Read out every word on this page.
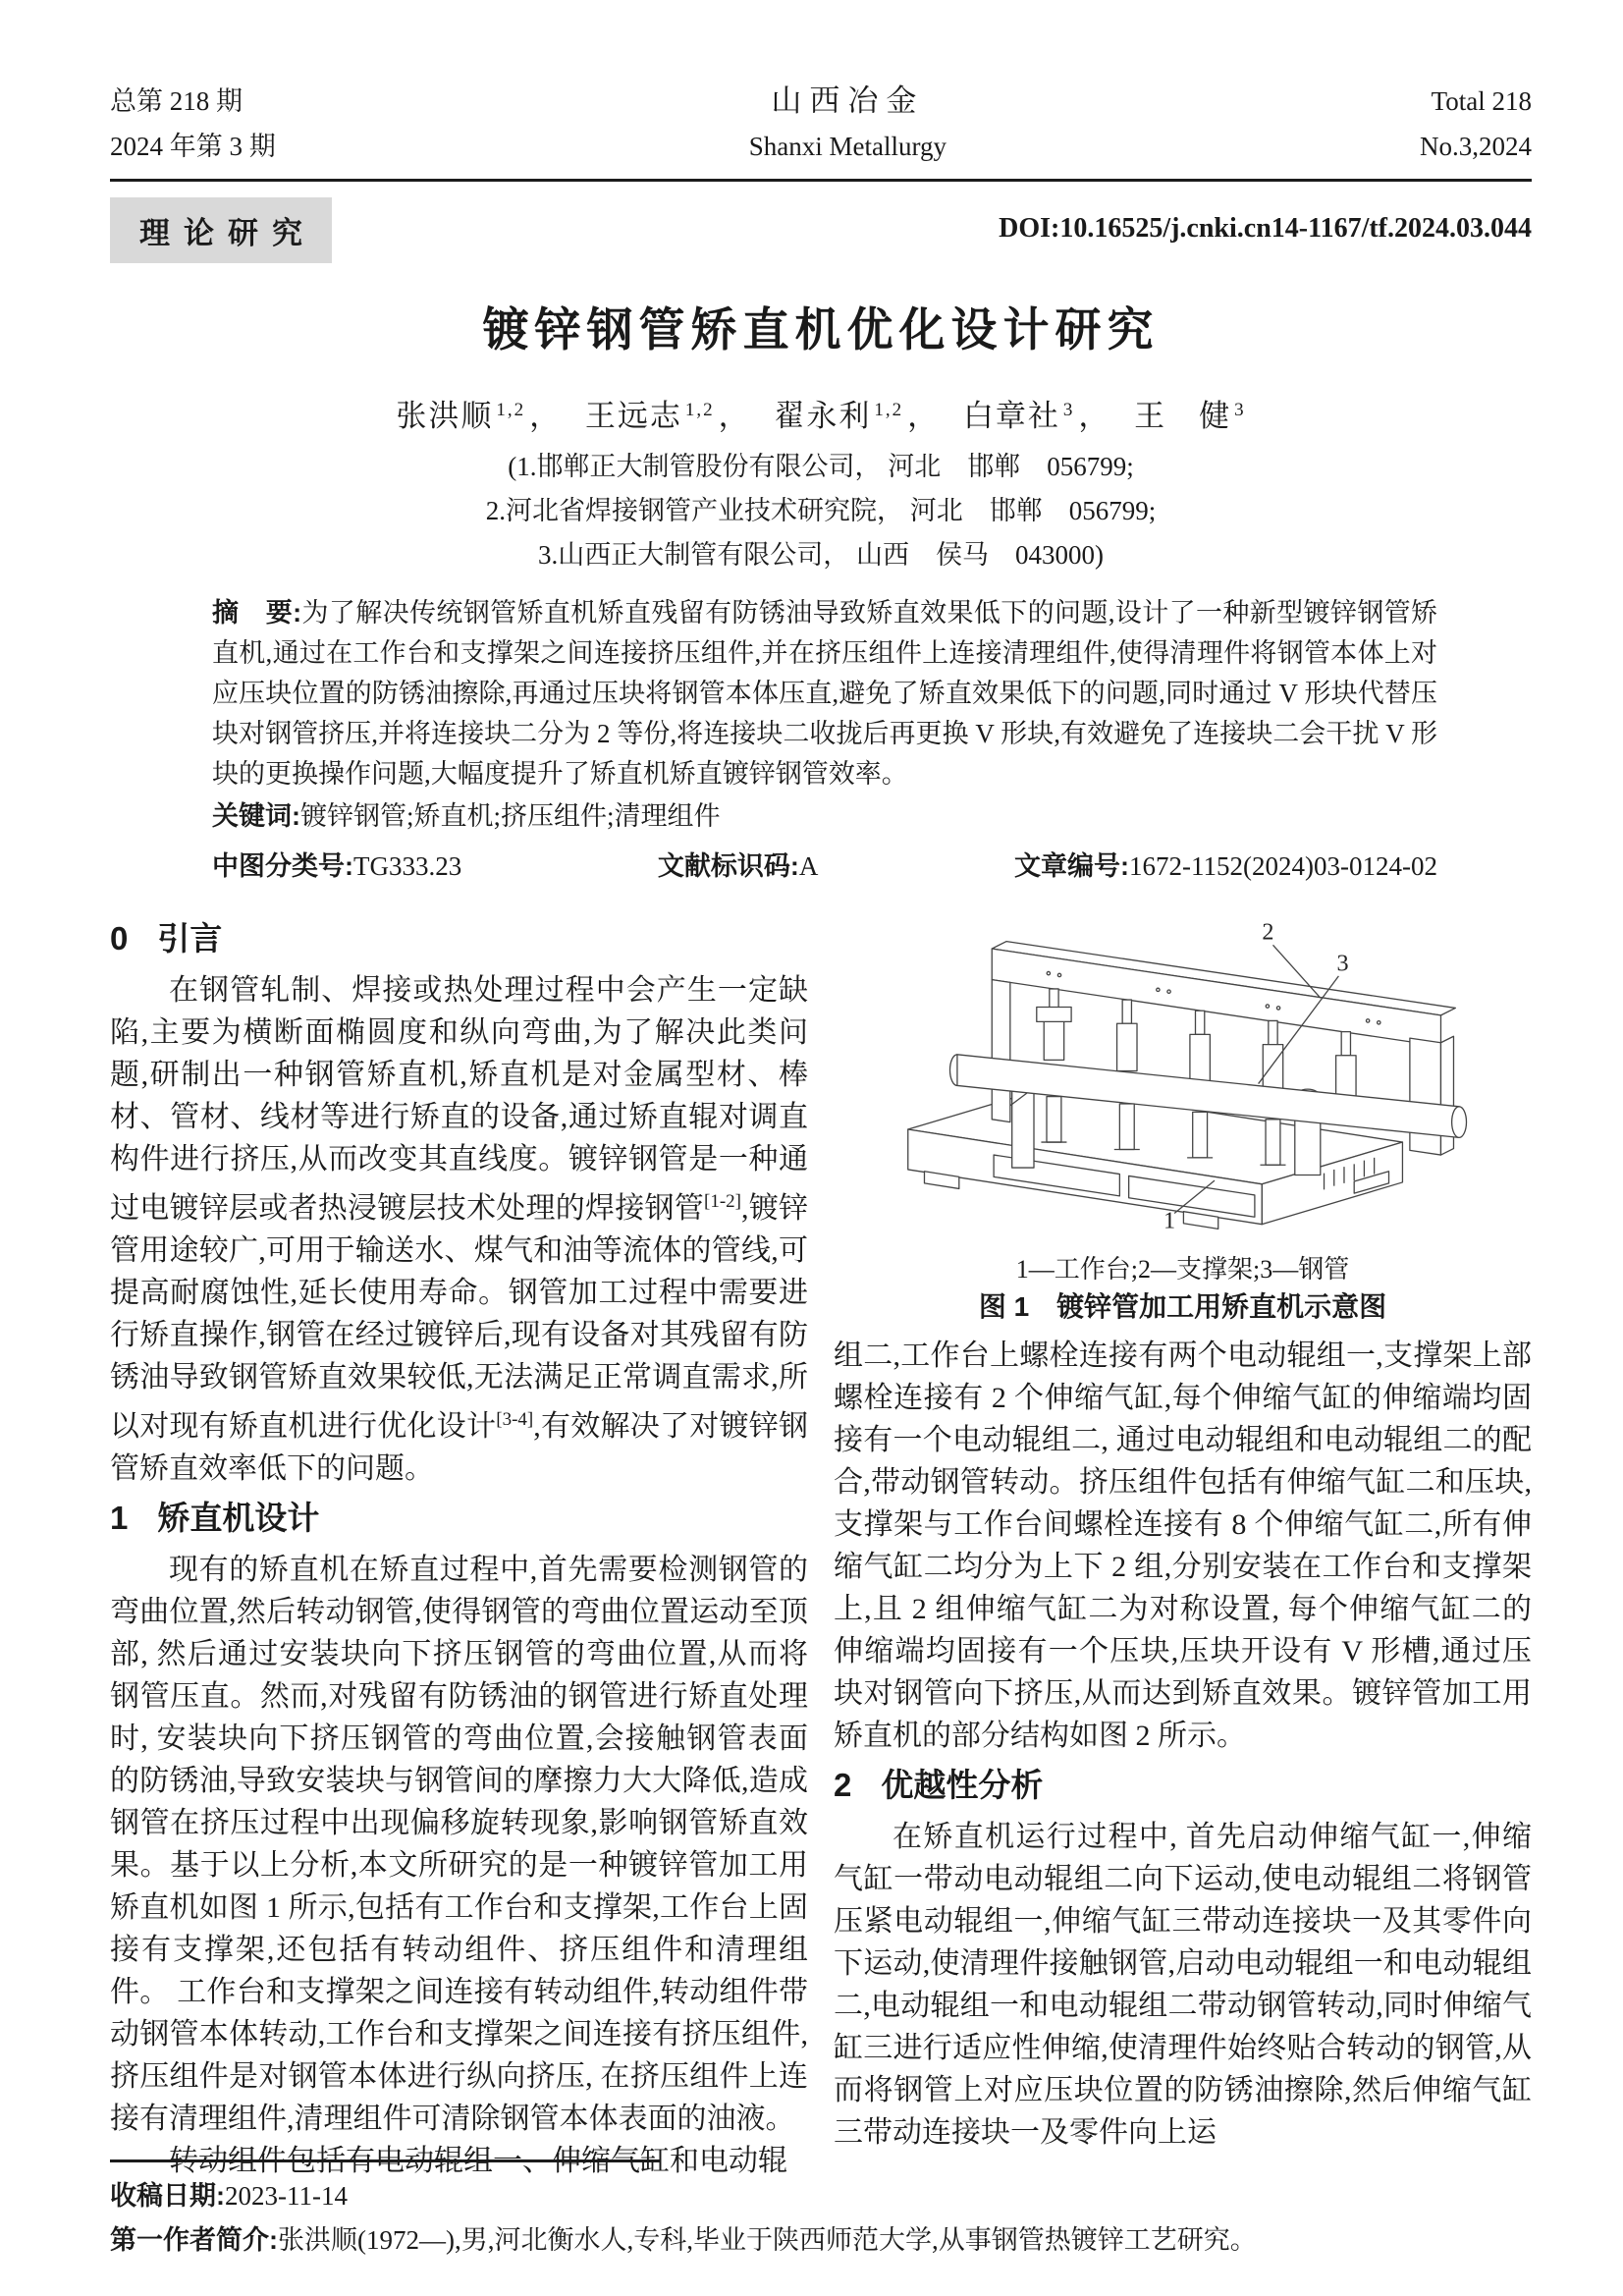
总第 218 期
2024 年第 3 期
山西冶金
Shanxi Metallurgy
Total 218
No.3,2024
理论研究	DOI:10.16525/j.cnki.cn14-1167/tf.2024.03.044
镀锌钢管矫直机优化设计研究
张洪顺 $^{1,2}$ ， 王远志 $^{1,2}$ ， 翟永利 $^{1,2}$ ， 白章社 $^3$ ， 王　健 $^3$
(1.邯郸正大制管股份有限公司， 河北　邯郸　056799;
2.河北省焊接钢管产业技术研究院， 河北　邯郸　056799;
3.山西正大制管有限公司， 山西　侯马　043000)
摘　要:为了解决传统钢管矫直机矫直残留有防锈油导致矫直效果低下的问题,设计了一种新型镀锌钢管矫直机,通过在工作台和支撑架之间连接挤压组件,并在挤压组件上连接清理组件,使得清理件将钢管本体上对应压块位置的防锈油擦除,再通过压块将钢管本体压直,避免了矫直效果低下的问题,同时通过 V 形块代替压块对钢管挤压,并将连接块二分为 2 等份,将连接块二收拢后再更换 V 形块,有效避免了连接块二会干扰 V 形块的更换操作问题,大幅度提升了矫直机矫直镀锌钢管效率。
关键词:镀锌钢管;矫直机;挤压组件;清理组件
中图分类号:TG333.23	文献标识码:A	文章编号:1672-1152(2024)03-0124-02
0 引言

在钢管轧制、焊接或热处理过程中会产生一定缺陷,主要为横断面椭圆度和纵向弯曲,为了解决此类问题,研制出一种钢管矫直机,矫直机是对金属型材、棒材、管材、线材等进行矫直的设备,通过矫直辊对调直构件进行挤压,从而改变其直线度。镀锌钢管是一种通过电镀锌层或者热浸镀层技术处理的焊接钢管[1-2],镀锌管用途较广,可用于输送水、煤气和油等流体的管线,可提高耐腐蚀性,延长使用寿命。钢管加工过程中需要进行矫直操作,钢管在经过镀锌后,现有设备对其残留有防锈油导致钢管矫直效果较低,无法满足正常调直需求,所以对现有矫直机进行优化设计[3-4],有效解决了对镀锌钢管矫直效率低下的问题。

1 矫直机设计

现有的矫直机在矫直过程中,首先需要检测钢管的弯曲位置,然后转动钢管,使得钢管的弯曲位置运动至顶部, 然后通过安装块向下挤压钢管的弯曲位置,从而将钢管压直。然而,对残留有防锈油的钢管进行矫直处理时, 安装块向下挤压钢管的弯曲位置,会接触钢管表面的防锈油,导致安装块与钢管间的摩擦力大大降低,造成钢管在挤压过程中出现偏移旋转现象,影响钢管矫直效果。基于以上分析,本文所研究的是一种镀锌管加工用矫直机如图 1 所示,包括有工作台和支撑架,工作台上固接有支撑架,还包括有转动组件、挤压组件和清理组件。 工作台和支撑架之间连接有转动组件,转动组件带动钢管本体转动,工作台和支撑架之间连接有挤压组件,挤压组件是对钢管本体进行纵向挤压, 在挤压组件上连接有清理组件,清理组件可清除钢管本体表面的油液。

转动组件包括有电动辊组一、伸缩气缸和电动辊

2
3
1
1—工作台;2—支撑架;3—钢管
图 1　镀锌管加工用矫直机示意图

组二,工作台上螺栓连接有两个电动辊组一,支撑架上部螺栓连接有 2 个伸缩气缸,每个伸缩气缸的伸缩端均固接有一个电动辊组二, 通过电动辊组和电动辊组二的配合,带动钢管转动。挤压组件包括有伸缩气缸二和压块, 支撑架与工作台间螺栓连接有 8 个伸缩气缸二,所有伸缩气缸二均分为上下 2 组,分别安装在工作台和支撑架上,且 2 组伸缩气缸二为对称设置, 每个伸缩气缸二的伸缩端均固接有一个压块,压块开设有 V 形槽,通过压块对钢管向下挤压,从而达到矫直效果。镀锌管加工用矫直机的部分结构如图 2 所示。

2 优越性分析

在矫直机运行过程中, 首先启动伸缩气缸一,伸缩气缸一带动电动辊组二向下运动,使电动辊组二将钢管压紧电动辊组一,伸缩气缸三带动连接块一及其零件向下运动,使清理件接触钢管,启动电动辊组一和电动辊组二,电动辊组一和电动辊组二带动钢管转动,同时伸缩气缸三进行适应性伸缩,使清理件始终贴合转动的钢管,从而将钢管上对应压块位置的防锈油擦除,然后伸缩气缸三带动连接块一及零件向上运

收稿日期:2023-11-14
第一作者简介:张洪顺(1972—),男,河北衡水人,专科,毕业于陕西师范大学,从事钢管热镀锌工艺研究。
